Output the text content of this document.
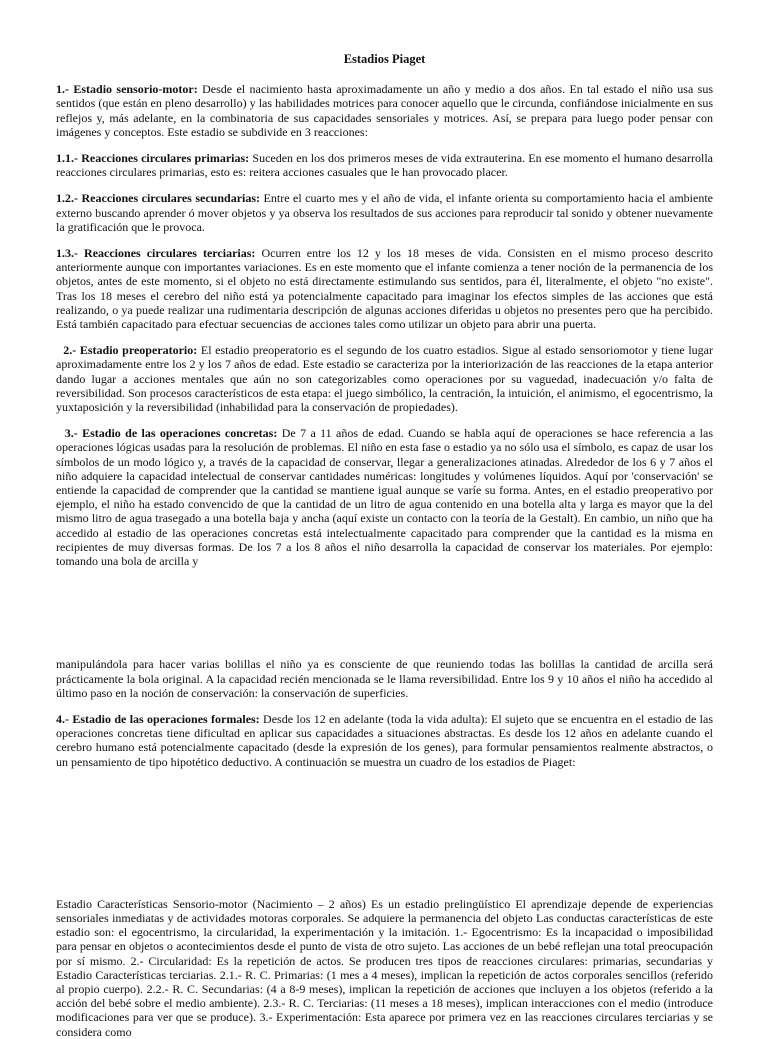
Estadios Piaget

1.- Estadio sensorio-motor: Desde el nacimiento hasta aproximadamente un año y medio a dos años. En tal estado el niño usa sus sentidos (que están en pleno desarrollo) y las habilidades motrices para conocer aquello que le circunda, confiándose inicialmente en sus reflejos y, más adelante, en la combinatoria de sus capacidades sensoriales y motrices. Así, se prepara para luego poder pensar con imágenes y conceptos. Este estadio se subdivide en 3 reacciones:

1.1.- Reacciones circulares primarias: Suceden en los dos primeros meses de vida extrauterina. En ese momento el humano desarrolla reacciones circulares primarias, esto es: reitera acciones casuales que le han provocado placer.

1.2.- Reacciones circulares secundarias: Entre el cuarto mes y el año de vida, el infante orienta su comportamiento hacia el ambiente externo buscando aprender ó mover objetos y ya observa los resultados de sus acciones para reproducir tal sonido y obtener nuevamente la gratificación que le provoca.

1.3.- Reacciones circulares terciarias: Ocurren entre los 12 y los 18 meses de vida. Consisten en el mismo proceso descrito anteriormente aunque con importantes variaciones. Es en este momento que el infante comienza a tener noción de la permanencia de los objetos, antes de este momento, si el objeto no está directamente estimulando sus sentidos, para él, literalmente, el objeto "no existe". Tras los 18 meses el cerebro del niño está ya potencialmente capacitado para imaginar los efectos simples de las acciones que está realizando, o ya puede realizar una rudimentaria descripción de algunas acciones diferidas u objetos no presentes pero que ha percibido. Está también capacitado para efectuar secuencias de acciones tales como utilizar un objeto para abrir una puerta.

2.- Estadio preoperatorio: El estadio preoperatorio es el segundo de los cuatro estadios. Sigue al estado sensoriomotor y tiene lugar aproximadamente entre los 2 y los 7 años de edad. Este estadio se caracteriza por la interiorización de las reacciones de la etapa anterior dando lugar a acciones mentales que aún no son categorizables como operaciones por su vaguedad, inadecuación y/o falta de reversibilidad. Son procesos característicos de esta etapa: el juego simbólico, la centración, la intuición, el animismo, el egocentrismo, la yuxtaposición y la reversibilidad (inhabilidad para la conservación de propiedades).

3.- Estadio de las operaciones concretas: De 7 a 11 años de edad. Cuando se habla aquí de operaciones se hace referencia a las operaciones lógicas usadas para la resolución de problemas. El niño en esta fase o estadio ya no sólo usa el símbolo, es capaz de usar los símbolos de un modo lógico y, a través de la capacidad de conservar, llegar a generalizaciones atinadas. Alrededor de los 6 y 7 años el niño adquiere la capacidad intelectual de conservar cantidades numéricas: longitudes y volúmenes líquidos. Aquí por 'conservación' se entiende la capacidad de comprender que la cantidad se mantiene igual aunque se varíe su forma. Antes, en el estadio preoperativo por ejemplo, el niño ha estado convencido de que la cantidad de un litro de agua contenido en una botella alta y larga es mayor que la del mismo litro de agua trasegado a una botella baja y ancha (aquí existe un contacto con la teoría de la Gestalt). En cambio, un niño que ha accedido al estadio de las operaciones concretas está intelectualmente capacitado para comprender que la cantidad es la misma en recipientes de muy diversas formas. De los 7 a los 8 años el niño desarrolla la capacidad de conservar los materiales. Por ejemplo: tomando una bola de arcilla y

manipulándola para hacer varias bolillas el niño ya es consciente de que reuniendo todas las bolillas la cantidad de arcilla será prácticamente la bola original. A la capacidad recién mencionada se le llama reversibilidad. Entre los 9 y 10 años el niño ha accedido al último paso en la noción de conservación: la conservación de superficies.

4.- Estadio de las operaciones formales: Desde los 12 en adelante (toda la vida adulta): El sujeto que se encuentra en el estadio de las operaciones concretas tiene dificultad en aplicar sus capacidades a situaciones abstractas. Es desde los 12 años en adelante cuando el cerebro humano está potencialmente capacitado (desde la expresión de los genes), para formular pensamientos realmente abstractos, o un pensamiento de tipo hipotético deductivo. A continuación se muestra un cuadro de los estadios de Piaget:

Estadio Características Sensorio-motor (Nacimiento – 2 años) Es un estadio prelingüístico El aprendizaje depende de experiencias sensoriales inmediatas y de actividades motoras corporales. Se adquiere la permanencia del objeto Las conductas características de este estadio son: el egocentrismo, la circularidad, la experimentación y la imitación. 1.- Egocentrismo: Es la incapacidad o imposibilidad para pensar en objetos o acontecimientos desde el punto de vista de otro sujeto. Las acciones de un bebé reflejan una total preocupación por sí mismo. 2.- Circularidad: Es la repetición de actos. Se producen tres tipos de reacciones circulares: primarias, secundarias y Estadio Características terciarias. 2.1.- R. C. Primarias: (1 mes a 4 meses), implican la repetición de actos corporales sencillos (referido al propio cuerpo). 2.2.- R. C. Secundarias: (4 a 8-9 meses), implican la repetición de acciones que incluyen a los objetos (referido a la acción del bebé sobre el medio ambiente). 2.3.- R. C. Terciarias: (11 meses a 18 meses), implican interacciones con el medio (introduce modificaciones para ver que se produce). 3.- Experimentación: Esta aparece por primera vez en las reacciones circulares terciarias y se considera como
